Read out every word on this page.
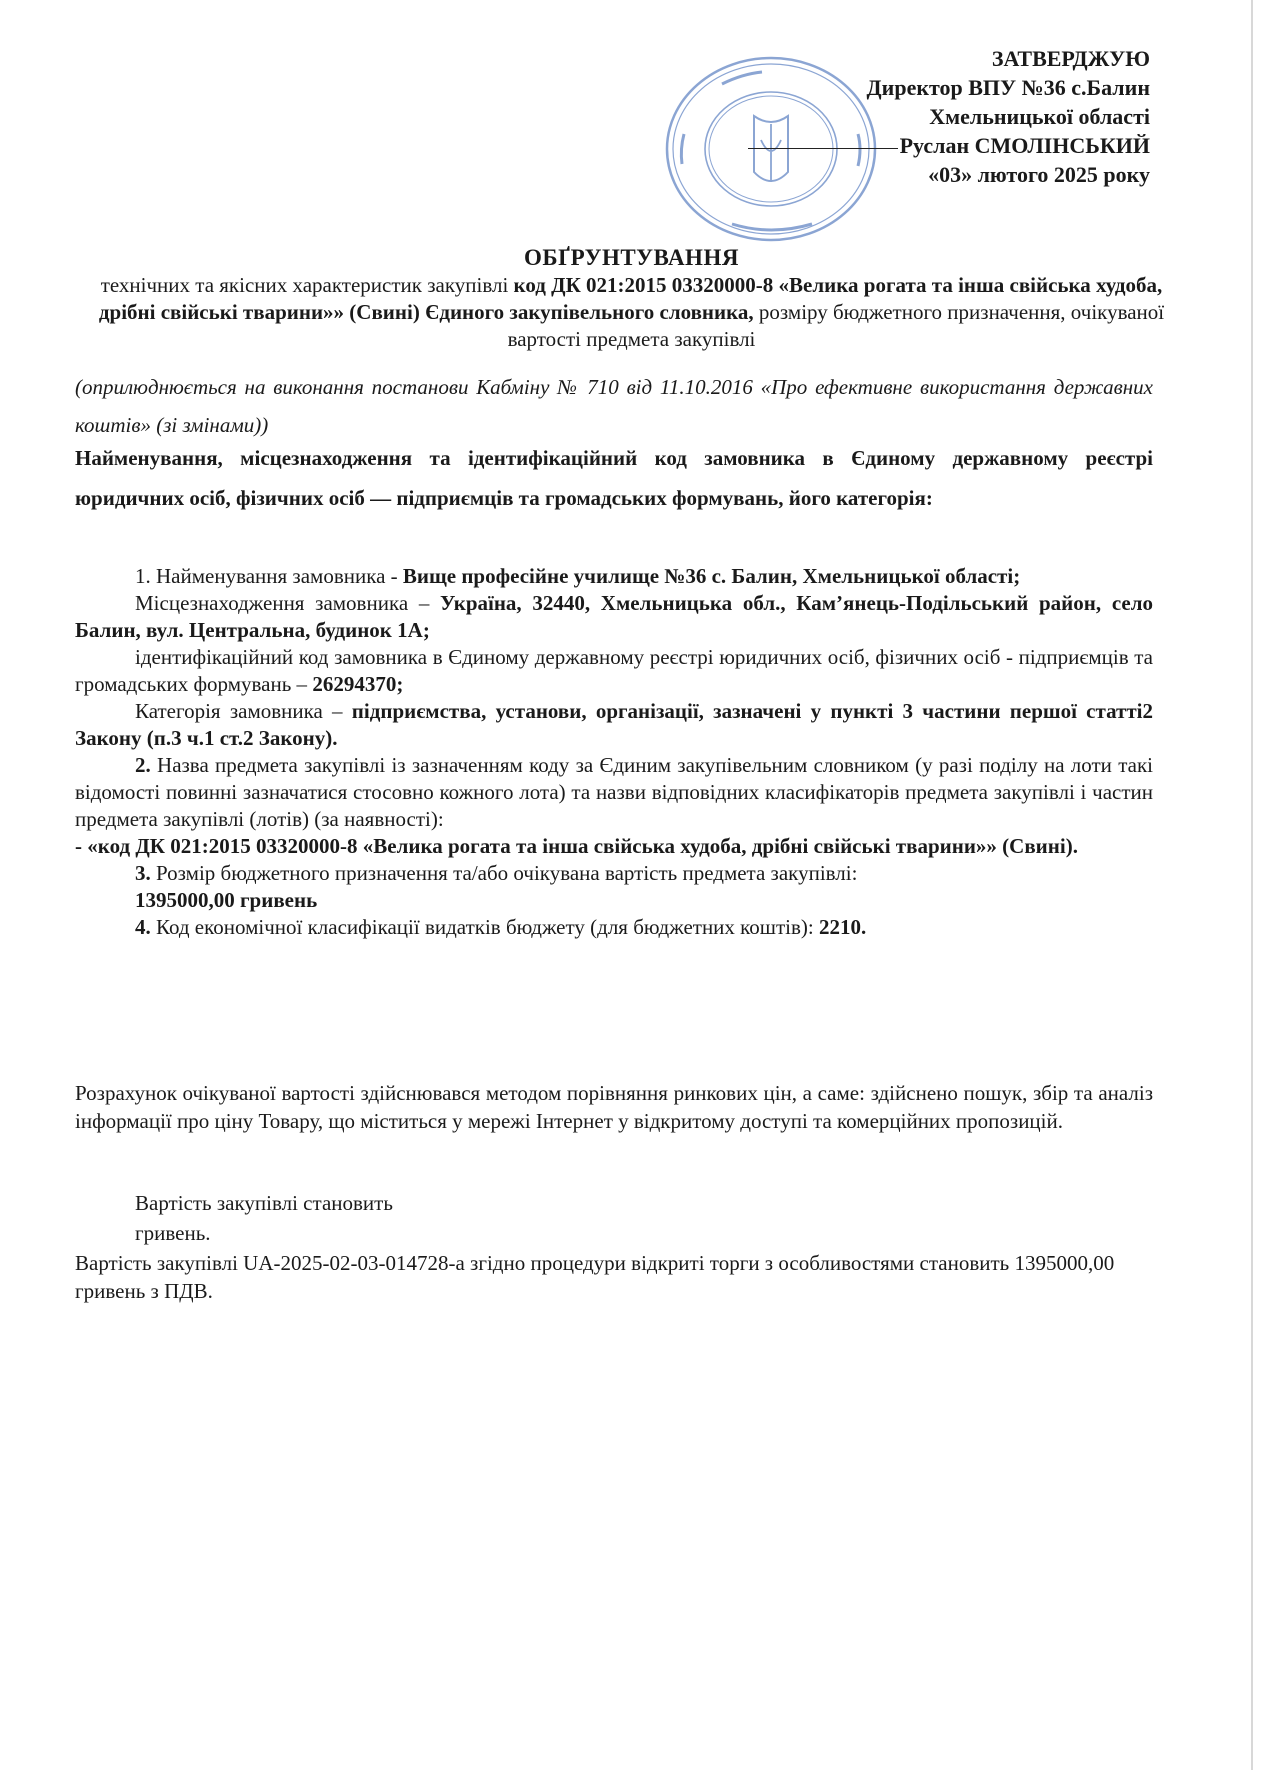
ЗАТВЕРДЖУЮ
Директор ВПУ №36 с.Балин
Хмельницької області
Руслан СМОЛІНСЬКИЙ
«03» лютого 2025 року
ОБҐРУНТУВАННЯ
технічних та якісних характеристик закупівлі код ДК 021:2015 03320000-8 «Велика рогата та інша свійська худоба, дрібні свійські тварини»» (Свині) Єдиного закупівельного словника, розміру бюджетного призначення, очікуваної вартості предмета закупівлі
(оприлюднюється на виконання постанови Кабміну № 710 від 11.10.2016 «Про ефективне використання державних коштів» (зі змінами))
Найменування, місцезнаходження та ідентифікаційний код замовника в Єдиному державному реєстрі юридичних осіб, фізичних осіб — підприємців та громадських формувань, його категорія:

1. Найменування замовника - Вище професійне училище №36 с. Балин, Хмельницької області;

Місцезнаходження замовника – Україна, 32440, Хмельницька обл., Кам’янець-Подільський район, село Балин, вул. Центральна, будинок 1А;

ідентифікаційний код замовника в Єдиному державному реєстрі юридичних осіб, фізичних осіб - підприємців та громадських формувань – 26294370;

Категорія замовника – підприємства, установи, організації, зазначені у пункті 3 частини першої статті2 Закону (п.3 ч.1 ст.2 Закону).

2. Назва предмета закупівлі із зазначенням коду за Єдиним закупівельним словником (у разі поділу на лоти такі відомості повинні зазначатися стосовно кожного лота) та назви відповідних класифікаторів предмета закупівлі і частин предмета закупівлі (лотів) (за наявності):

- «код ДК 021:2015 03320000-8 «Велика рогата та інша свійська худоба, дрібні свійські тварини»» (Свині).

3. Розмір бюджетного призначення та/або очікувана вартість предмета закупівлі:

1395000,00 гривень

4. Код економічної класифікації видатків бюджету (для бюджетних коштів): 2210.

Розрахунок очікуваної вартості здійснювався методом порівняння ринкових цін, а саме: здійснено пошук, збір та аналіз інформації про ціну Товару, що міститься у мережі Інтернет у відкритому доступі та комерційних пропозицій.
Вартість закупівлі становить
гривень.
Вартість закупівлі UA-2025-02-03-014728-а згідно процедури відкриті торги з особливостями становить 1395000,00 гривень з ПДВ.
